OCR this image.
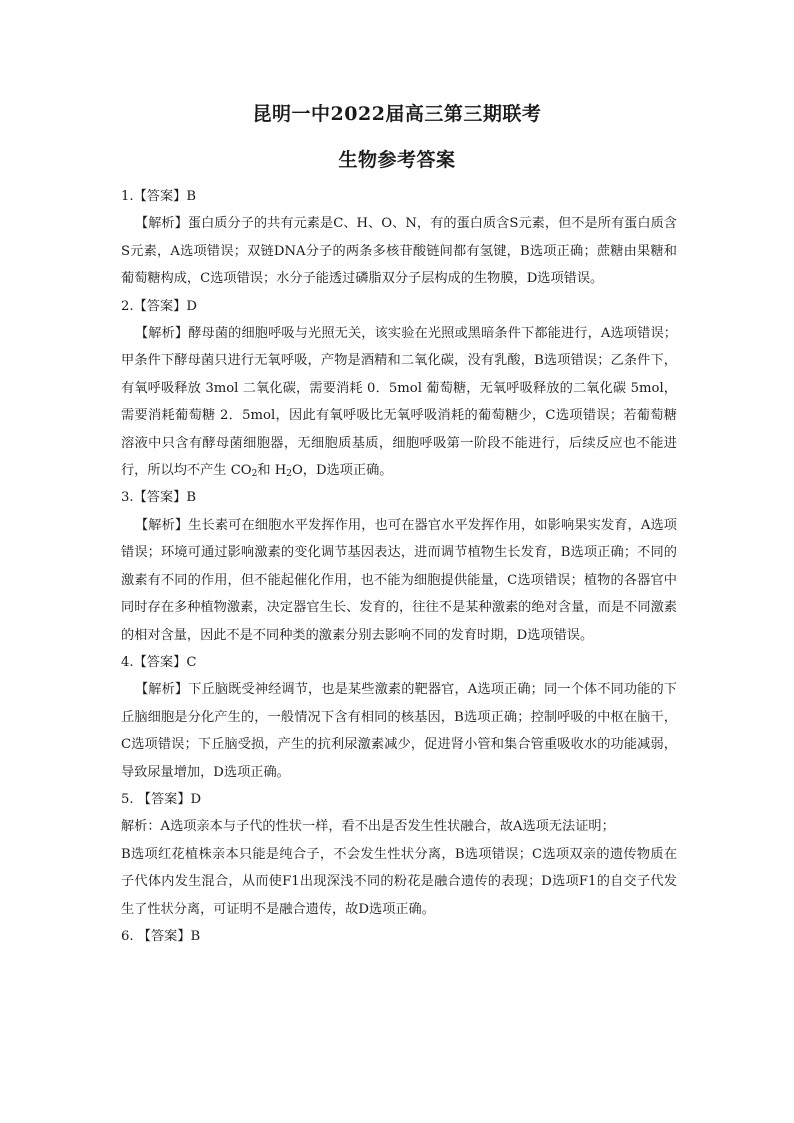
昆明一中2022届高三第三期联考
生物参考答案

1.【答案】B

【解析】蛋白质分子的共有元素是C、H、O、N，有的蛋白质含S元素，但不是所有蛋白质含S元素，A选项错误；双链DNA分子的两条多核苷酸链间都有氢键，B选项正确；蔗糖由果糖和葡萄糖构成，C选项错误；水分子能透过磷脂双分子层构成的生物膜，D选项错误。

2.【答案】D

【解析】酵母菌的细胞呼吸与光照无关，该实验在光照或黑暗条件下都能进行，A选项错误；甲条件下酵母菌只进行无氧呼吸，产物是酒精和二氧化碳，没有乳酸，B选项错误；乙条件下，有氧呼吸释放 3mol 二氧化碳，需要消耗 0．5mol 葡萄糖，无氧呼吸释放的二氧化碳 5mol，需要消耗葡萄糖 2．5mol，因此有氧呼吸比无氧呼吸消耗的葡萄糖少，C选项错误；若葡萄糖溶液中只含有酵母菌细胞器，无细胞质基质，细胞呼吸第一阶段不能进行，后续反应也不能进行，所以均不产生 $CO_2$和 $H_2O$，D选项正确。

3.【答案】B

【解析】生长素可在细胞水平发挥作用，也可在器官水平发挥作用，如影响果实发育，A选项错误；环境可通过影响激素的变化调节基因表达，进而调节植物生长发育，B选项正确；不同的激素有不同的作用，但不能起催化作用，也不能为细胞提供能量，C选项错误；植物的各器官中同时存在多种植物激素，决定器官生长、发育的，往往不是某种激素的绝对含量，而是不同激素的相对含量，因此不是不同种类的激素分别去影响不同的发育时期，D选项错误。

4.【答案】C

【解析】下丘脑既受神经调节，也是某些激素的靶器官，A选项正确；同一个体不同功能的下丘脑细胞是分化产生的，一般情况下含有相同的核基因，B选项正确；控制呼吸的中枢在脑干，C选项错误；下丘脑受损，产生的抗利尿激素减少，促进肾小管和集合管重吸收水的功能减弱，导致尿量增加，D选项正确。

5. 【答案】D

解析：A选项亲本与子代的性状一样，看不出是否发生性状融合，故A选项无法证明；

B选项红花植株亲本只能是纯合子，不会发生性状分离，B选项错误；C选项双亲的遗传物质在子代体内发生混合，从而使F1出现深浅不同的粉花是融合遗传的表现；D选项F1的自交子代发生了性状分离，可证明不是融合遗传，故D选项正确。

6. 【答案】B
